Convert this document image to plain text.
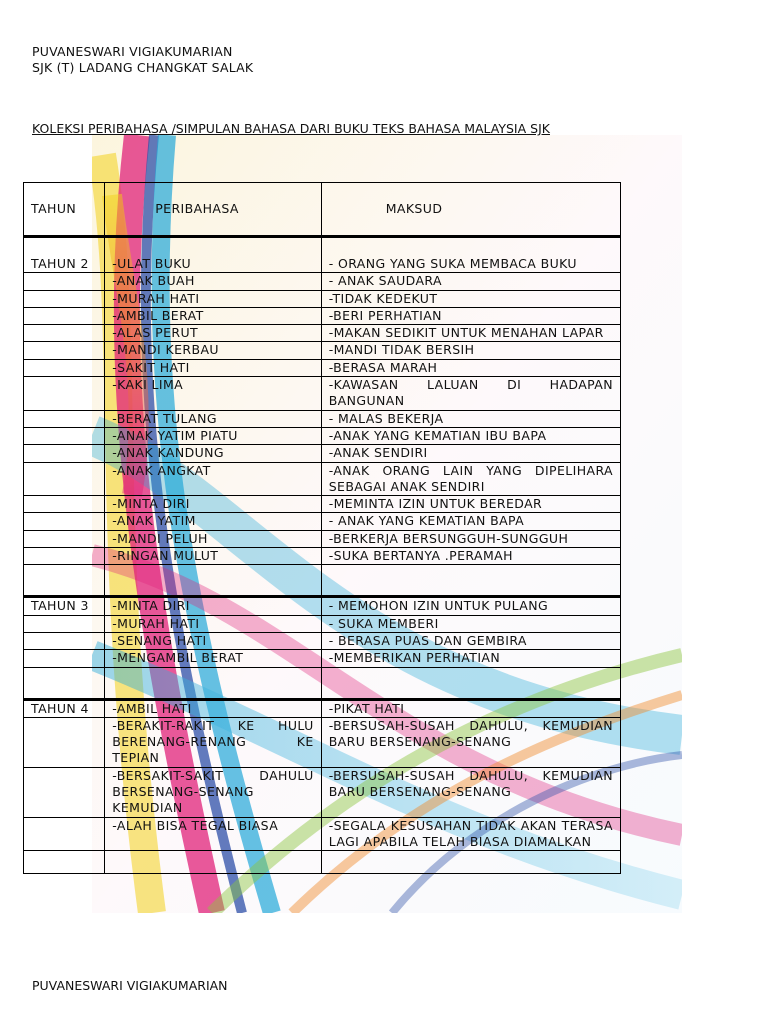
PUVANESWARI VIGIAKUMARIAN
SJK (T) LADANG CHANGKAT SALAK
KOLEKSI PERIBAHASA /SIMPULAN BAHASA DARI BUKU TEKS BAHASA MALAYSIA SJK
TAHUN	PERIBAHASA	MAKSUD
TAHUN 2	-ULAT BUKU	- ORANG YANG SUKA MEMBACA BUKU
	-ANAK BUAH	- ANAK SAUDARA
	-MURAH HATI	-TIDAK KEDEKUT
	-AMBIL BERAT	-BERI PERHATIAN
	-ALAS PERUT	-MAKAN SEDIKIT UNTUK MENAHAN LAPAR
	-MANDI KERBAU	-MANDI TIDAK BERSIH
	-SAKIT HATI	-BERASA MARAH
	-KAKI LIMA	-KAWASAN LALUAN DI HADAPAN BANGUNAN
	-BERAT TULANG	- MALAS BEKERJA
	-ANAK YATIM PIATU	-ANAK YANG KEMATIAN IBU BAPA
	-ANAK KANDUNG	-ANAK SENDIRI
	-ANAK ANGKAT	-ANAK ORANG LAIN YANG DIPELIHARA SEBAGAI ANAK SENDIRI
	-MINTA DIRI	-MEMINTA IZIN UNTUK BEREDAR
	-ANAK YATIM	- ANAK YANG KEMATIAN BAPA
	-MANDI PELUH	-BERKERJA BERSUNGGUH-SUNGGUH
	-RINGAN MULUT	-SUKA BERTANYA .PERAMAH

TAHUN 3	-MINTA DIRI	- MEMOHON IZIN UNTUK PULANG
	-MURAH HATI	- SUKA MEMBERI
	-SENANG HATI	- BERASA PUAS DAN GEMBIRA
	-MENGAMBIL BERAT	-MEMBERIKAN PERHATIAN

TAHUN 4	-AMBIL HATI	-PIKAT HATI
	-BERAKIT-RAKIT KE HULU BERENANG-RENANG KE TEPIAN	-BERSUSAH-SUSAH DAHULU, KEMUDIAN BARU BERSENANG-SENANG
	-BERSAKIT-SAKIT DAHULU BERSENANG-SENANG KEMUDIAN	-BERSUSAH-SUSAH DAHULU, KEMUDIAN BARU BERSENANG-SENANG
	-ALAH BISA TEGAL BIASA	-SEGALA KESUSAHAN TIDAK AKAN TERASA LAGI APABILA TELAH BIASA DIAMALKAN

PUVANESWARI VIGIAKUMARIAN
